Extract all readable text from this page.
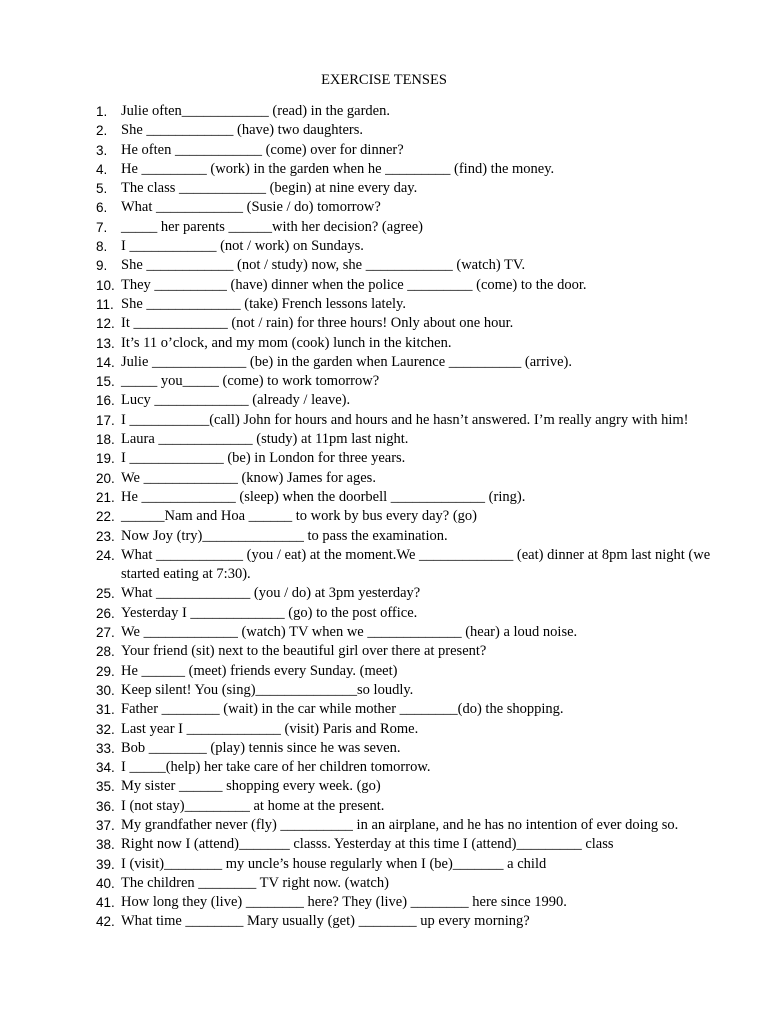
EXERCISE TENSES
1. Julie often____________ (read) in the garden.
2. She ____________ (have) two daughters.
3. He often ____________ (come) over for dinner?
4. He _________ (work) in the garden when he _________ (find) the money.
5. The class ____________ (begin) at nine every day.
6. What ____________ (Susie / do) tomorrow?
7. _____ her parents ______with her decision? (agree)
8. I ____________ (not / work) on Sundays.
9. She ____________ (not / study) now, she ____________ (watch) TV.
10. They __________ (have) dinner when the police _________ (come) to the door.
11. She _____________ (take) French lessons lately.
12. It _____________ (not / rain) for three hours! Only about one hour.
13. It’s 11 o’clock, and my mom (cook) lunch in the kitchen.
14. Julie _____________ (be) in the garden when Laurence __________ (arrive).
15. _____ you_____ (come) to work tomorrow?
16. Lucy _____________ (already / leave).
17. I ___________(call) John for hours and hours and he hasn’t answered. I’m really angry with him!
18. Laura _____________ (study) at 11pm last night.
19. I _____________ (be) in London for three years.
20. We _____________ (know) James for ages.
21. He _____________ (sleep) when the doorbell _____________ (ring).
22. ______Nam and Hoa ______ to work by bus every day? (go)
23. Now Joy (try)______________ to pass the examination.
24. What ____________ (you / eat) at the moment.We _____________ (eat) dinner at 8pm last night (we started eating at 7:30).
25. What _____________ (you / do) at 3pm yesterday?
26. Yesterday I _____________ (go) to the post office.
27. We _____________ (watch) TV when we _____________ (hear) a loud noise.
28. Your friend (sit) next to the beautiful girl over there at present?
29. He ______ (meet) friends every Sunday. (meet)
30. Keep silent! You (sing)______________so loudly.
31. Father ________ (wait) in the car while mother ________(do) the shopping.
32. Last year I _____________ (visit) Paris and Rome.
33. Bob ________ (play) tennis since he was seven.
34. I _____(help) her take care of her children tomorrow.
35. My sister ______ shopping every week. (go)
36. I (not stay)_________ at home at the present.
37. My grandfather never (fly) __________ in an airplane, and he has no intention of ever doing so.
38. Right now I (attend)_______ classs. Yesterday at this time I (attend)_________ class
39. I (visit)________ my uncle’s house regularly when I (be)_______ a child
40. The children ________ TV right now. (watch)
41. How long they (live) ________ here? They (live) ________ here since 1990.
42. What time ________ Mary usually (get) ________ up every morning?
